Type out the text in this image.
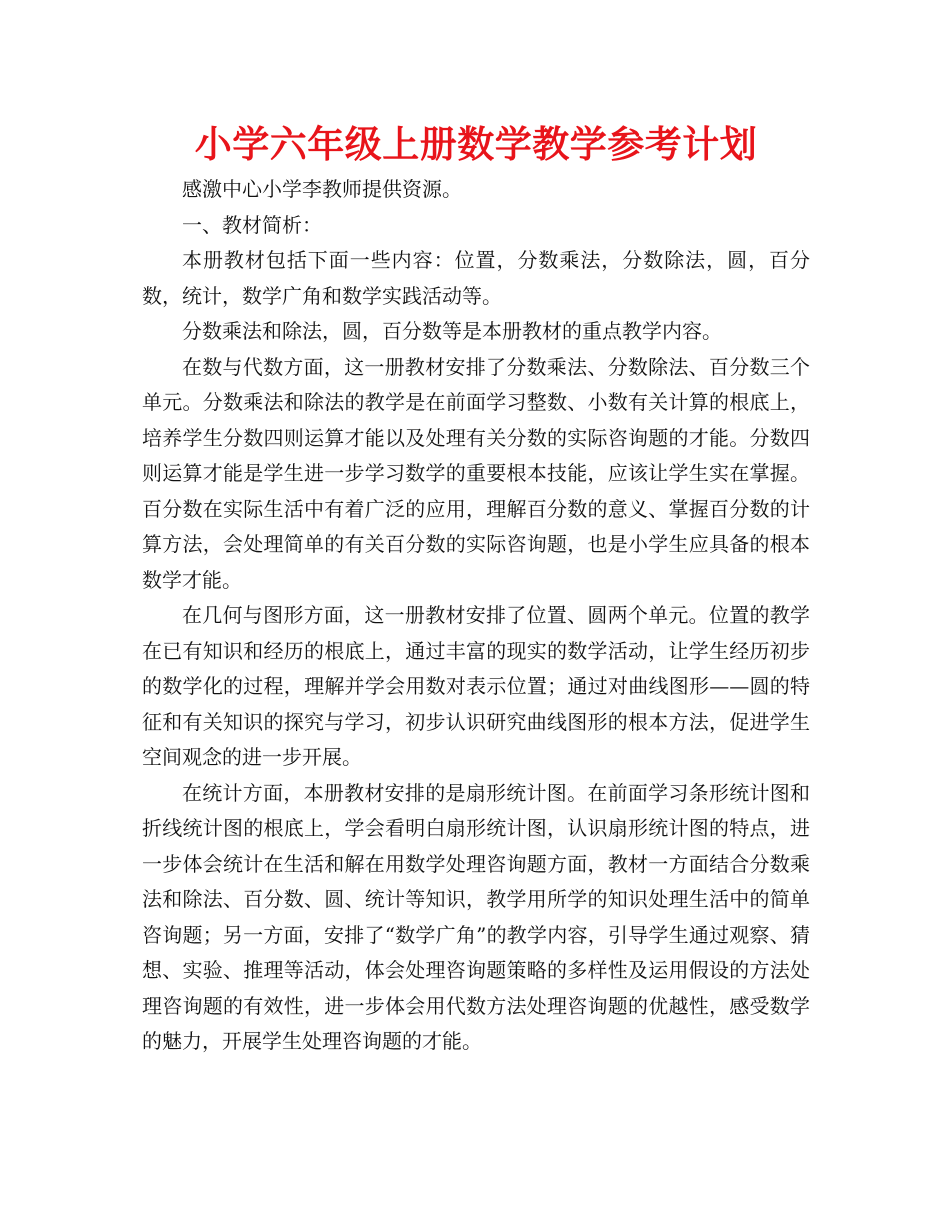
小学六年级上册数学教学参考计划

感激中心小学李教师提供资源。

一、教材简析：

本册教材包括下面一些内容：位置，分数乘法，分数除法，圆，百分数，统计，数学广角和数学实践活动等。

分数乘法和除法，圆，百分数等是本册教材的重点教学内容。

在数与代数方面，这一册教材安排了分数乘法、分数除法、百分数三个单元。分数乘法和除法的教学是在前面学习整数、小数有关计算的根底上，培养学生分数四则运算才能以及处理有关分数的实际咨询题的才能。分数四则运算才能是学生进一步学习数学的重要根本技能，应该让学生实在掌握。百分数在实际生活中有着广泛的应用，理解百分数的意义、掌握百分数的计算方法，会处理简单的有关百分数的实际咨询题，也是小学生应具备的根本数学才能。

在几何与图形方面，这一册教材安排了位置、圆两个单元。位置的教学在已有知识和经历的根底上，通过丰富的现实的数学活动，让学生经历初步的数学化的过程，理解并学会用数对表示位置；通过对曲线图形——圆的特征和有关知识的探究与学习，初步认识研究曲线图形的根本方法，促进学生空间观念的进一步开展。

在统计方面，本册教材安排的是扇形统计图。在前面学习条形统计图和折线统计图的根底上，学会看明白扇形统计图，认识扇形统计图的特点，进一步体会统计在生活和解在用数学处理咨询题方面，教材一方面结合分数乘法和除法、百分数、圆、统计等知识，教学用所学的知识处理生活中的简单咨询题；另一方面，安排了“数学广角”的教学内容，引导学生通过观察、猜想、实验、推理等活动，体会处理咨询题策略的多样性及运用假设的方法处理咨询题的有效性，进一步体会用代数方法处理咨询题的优越性，感受数学的魅力，开展学生处理咨询题的才能。
